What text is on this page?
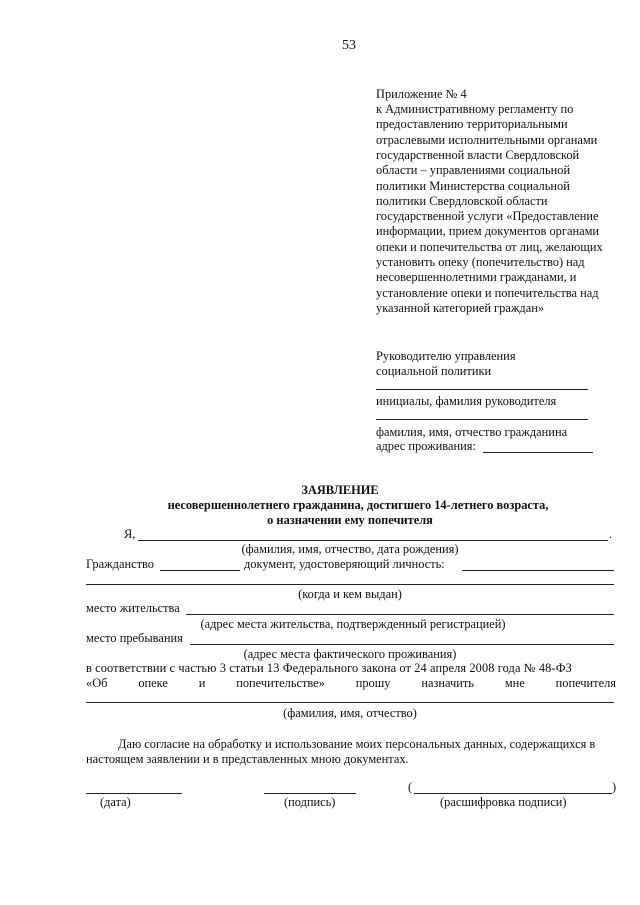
53
Приложение № 4
к Административному регламенту по
предоставлению территориальными
отраслевыми исполнительными органами
государственной власти Свердловской
области – управлениями социальной
политики Министерства социальной
политики Свердловской области
государственной услуги «Предоставление
информации, прием документов органами
опеки и попечительства от лиц, желающих
установить опеку (попечительство) над
несовершеннолетними гражданами, и
установление опеки и попечительства над
указанной категорией граждан»
Руководителю управления
социальной политики
инициалы, фамилия руководителя
фамилия, имя, отчество гражданина
адрес проживания:
ЗАЯВЛЕНИЕ
несовершеннолетнего гражданина, достигшего 14-летнего возраста,
о назначении ему попечителя
Я,	.
(фамилия, имя, отчество, дата рождения)
Гражданство	документ, удостоверяющий личность:
(когда и кем выдан)
место жительства
(адрес места жительства, подтвержденный регистрацией)
место пребывания
(адрес места фактического проживания)
в соответствии с частью 3 статьи 13 Федерального закона от 24 апреля 2008 года № 48-ФЗ
«Об опеке и попечительстве» прошу назначить мне попечителя
(фамилия, имя, отчество)
Даю согласие на обработку и использование моих персональных данных, содержащихся в
настоящем заявлении и в представленных мною документах.
(	)
(дата)	(подпись)	(расшифровка подписи)
